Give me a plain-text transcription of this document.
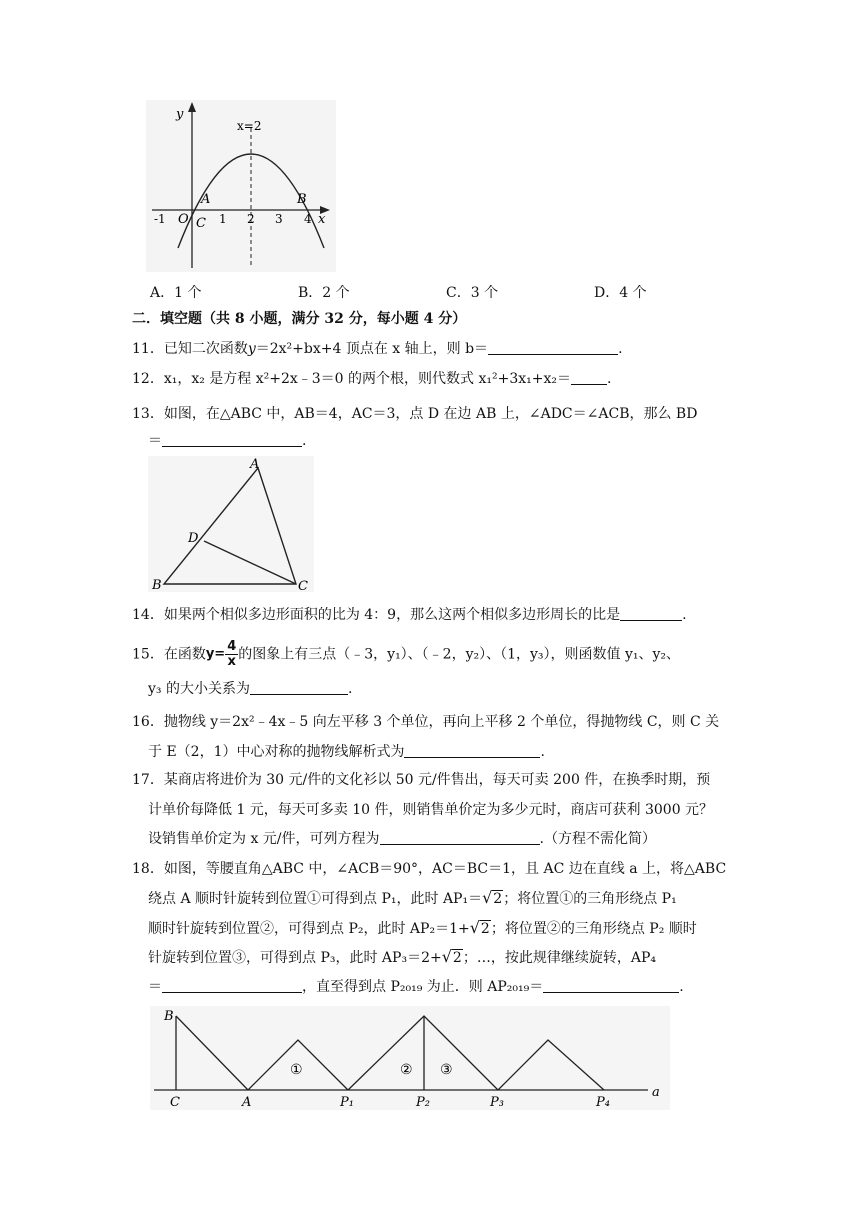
y
x
x=2
A	B
C
O
-1	1 2 3 4
A．1 个	B．2 个	C．3 个	D．4 个
二．填空题（共 8 小题，满分 32 分，每小题 4 分）
11．已知二次函数y＝2x²+bx+4 顶点在 x 轴上，则 b＝	.
12．x₁，x₂ 是方程 x²+2x﹣3＝0 的两个根，则代数式 x₁²+3x₁+x₂＝	.
13．如图，在△ABC 中，AB＝4，AC＝3，点 D 在边 AB 上，∠ADC＝∠ACB，那么 BD
＝	.
A
B	C
D
14．如果两个相似多边形面积的比为 4：9，那么这两个相似多边形周长的比是	.
15．在函数$y= \frac{4}{x}$ 的图象上有三点（﹣3，y₁）、（﹣2，y₂）、（1，y₃），则函数值 y₁、y₂、
y₃ 的大小关系为	.
16．抛物线 y＝2x²﹣4x﹣5 向左平移 3 个单位，再向上平移 2 个单位，得抛物线 C，则 C 关
于 E（2，1）中心对称的抛物线解析式为	.
17．某商店将进价为 30 元/件的文化衫以 50 元/件售出，每天可卖 200 件，在换季时期，预
计单价每降低 1 元，每天可多卖 10 件，则销售单价定为多少元时，商店可获利 3000 元？
设销售单价定为 x 元/件，可列方程为	.（方程不需化简）
18．如图，等腰直角△ABC 中，∠ACB＝90°，AC＝BC＝1，且 AC 边在直线 a 上，将△ABC
绕点 A 顺时针旋转到位置①可得到点 P₁，此时 AP₁＝√2；将位置①的三角形绕点 P₁
顺时针旋转到位置②，可得到点 P₂，此时 AP₂＝1+√2；将位置②的三角形绕点 P₂ 顺时
针旋转到位置③，可得到点 P₃，此时 AP₃＝2+√2；…，按此规律继续旋转，AP₄
＝	，直至得到点 P₂₀₁₉ 为止．则 AP₂₀₁₉＝	.
B
C	A	P₁	P₂	P₃	P₄
a
①	② ③
